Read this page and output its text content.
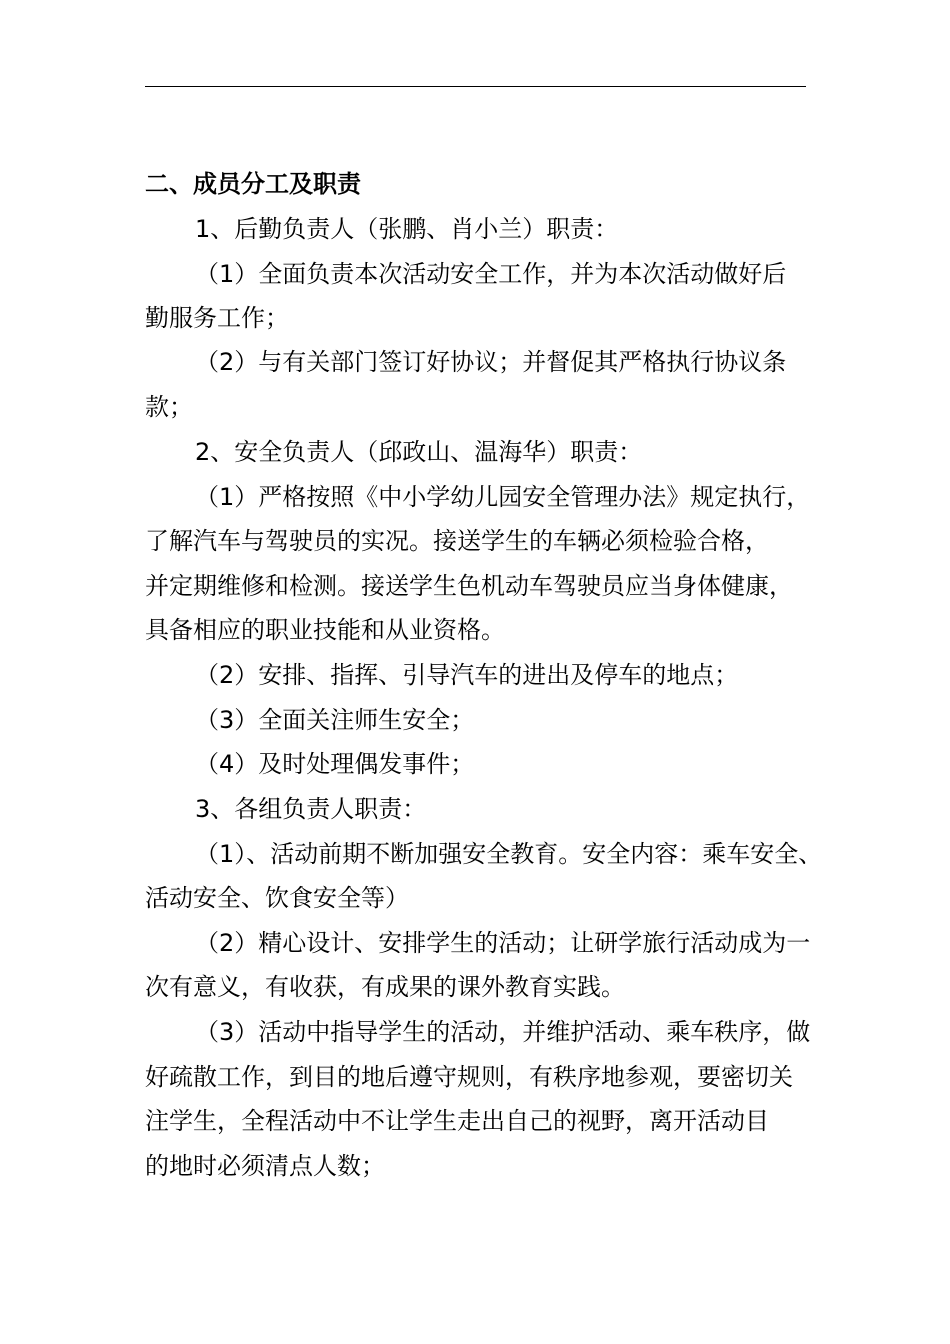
二、成员分工及职责
1、后勤负责人（张鹏、肖小兰）职责：
（1）全面负责本次活动安全工作，并为本次活动做好后
勤服务工作；
（2）与有关部门签订好协议；并督促其严格执行协议条
款；
2、安全负责人（邱政山、温海华）职责：
（1）严格按照《中小学幼儿园安全管理办法》规定执行，
了解汽车与驾驶员的实况。接送学生的车辆必须检验合格，
并定期维修和检测。接送学生色机动车驾驶员应当身体健康，
具备相应的职业技能和从业资格。
（2）安排、指挥、引导汽车的进出及停车的地点；
（3）全面关注师生安全；
（4）及时处理偶发事件；
3、各组负责人职责：
（1）、活动前期不断加强安全教育。安全内容：乘车安全、
活动安全、饮食安全等）
（2）精心设计、安排学生的活动；让研学旅行活动成为一
次有意义，有收获，有成果的课外教育实践。
（3）活动中指导学生的活动，并维护活动、乘车秩序，做
好疏散工作，到目的地后遵守规则，有秩序地参观，要密切关
注学生，全程活动中不让学生走出自己的视野，离开活动目
的地时必须清点人数；
